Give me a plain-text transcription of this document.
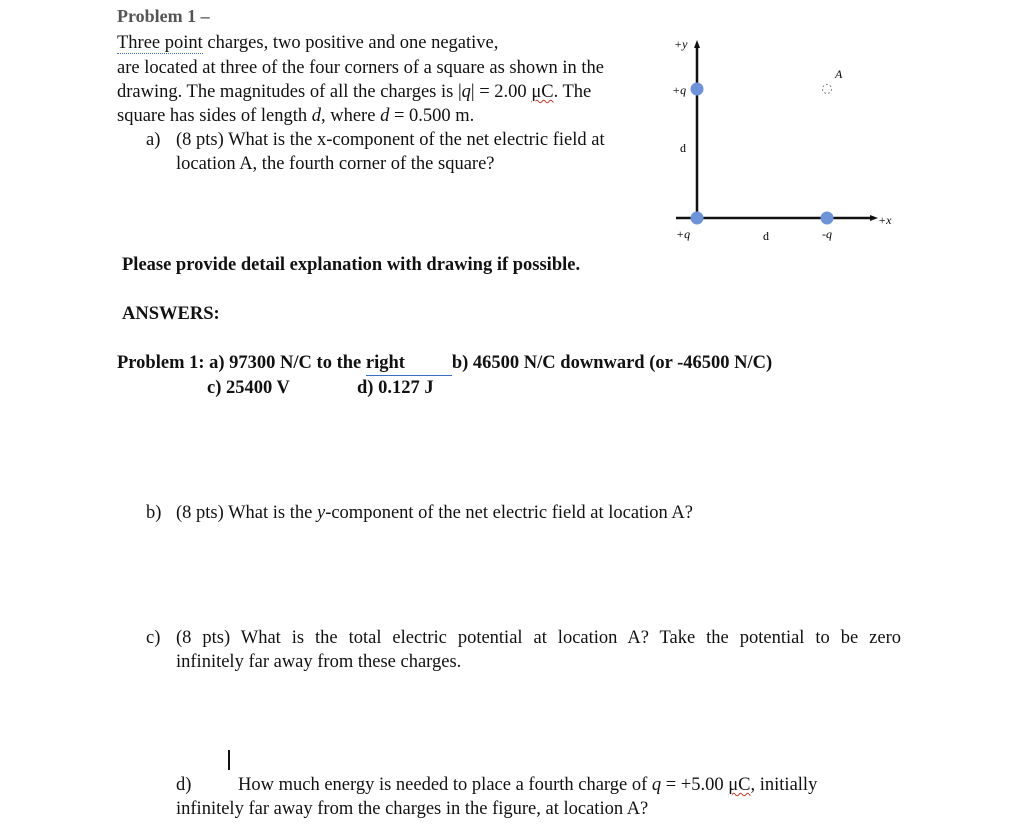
Problem 1 –
Three point charges, two positive and one negative,
are located at three of the four corners of a square as shown in the
drawing. The magnitudes of all the charges is |q| = 2.00 μC. The
square has sides of length d, where d = 0.500 m.
a) (8 pts) What is the x-component of the net electric field at
location A, the fourth corner of the square?
+y
+x
+q
+q	-q
A
d
d
Please provide detail explanation with drawing if possible.
ANSWERS:
Problem 1: a) 97300 N/C to the right	b) 46500 N/C downward (or -46500 N/C)
c) 25400 V	d) 0.127 J
b) (8 pts) What is the y-component of the net electric field at location A?
c) (8 pts) What is the total electric potential at location A? Take the potential to be zero
infinitely far away from these charges.
d)	How much energy is needed to place a fourth charge of q = +5.00 μC, initially
infinitely far away from the charges in the figure, at location A?
